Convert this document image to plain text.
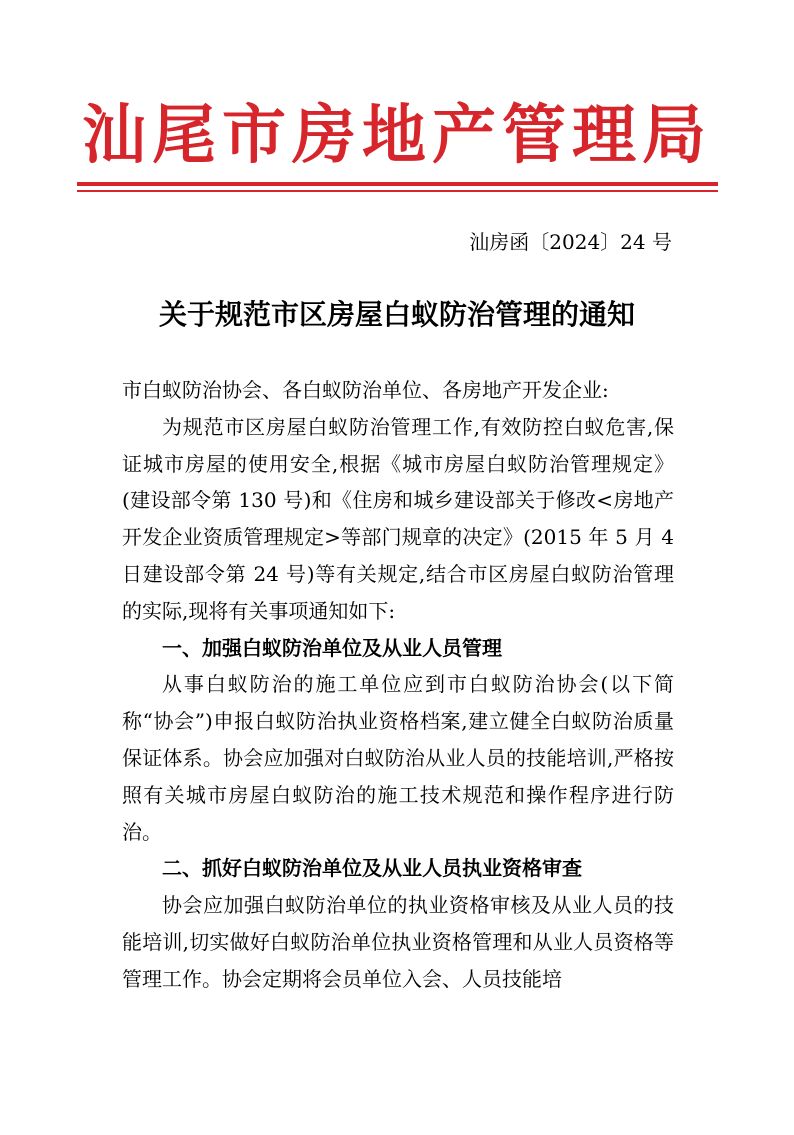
汕尾市房地产管理局
汕房函〔2024〕24 号
关于规范市区房屋白蚁防治管理的通知

市白蚁防治协会、各白蚁防治单位、各房地产开发企业:

为规范市区房屋白蚁防治管理工作,有效防控白蚁危害,保证城市房屋的使用安全,根据《城市房屋白蚁防治管理规定》(建设部令第 130 号)和《住房和城乡建设部关于修改<房地产开发企业资质管理规定>等部门规章的决定》(2015 年 5 月 4 日建设部令第 24 号)等有关规定,结合市区房屋白蚁防治管理的实际,现将有关事项通知如下:

一、加强白蚁防治单位及从业人员管理

从事白蚁防治的施工单位应到市白蚁防治协会(以下简称“协会”)申报白蚁防治执业资格档案,建立健全白蚁防治质量保证体系。协会应加强对白蚁防治从业人员的技能培训,严格按照有关城市房屋白蚁防治的施工技术规范和操作程序进行防治。

二、抓好白蚁防治单位及从业人员执业资格审查

协会应加强白蚁防治单位的执业资格审核及从业人员的技能培训,切实做好白蚁防治单位执业资格管理和从业人员资格等管理工作。协会定期将会员单位入会、人员技能培
